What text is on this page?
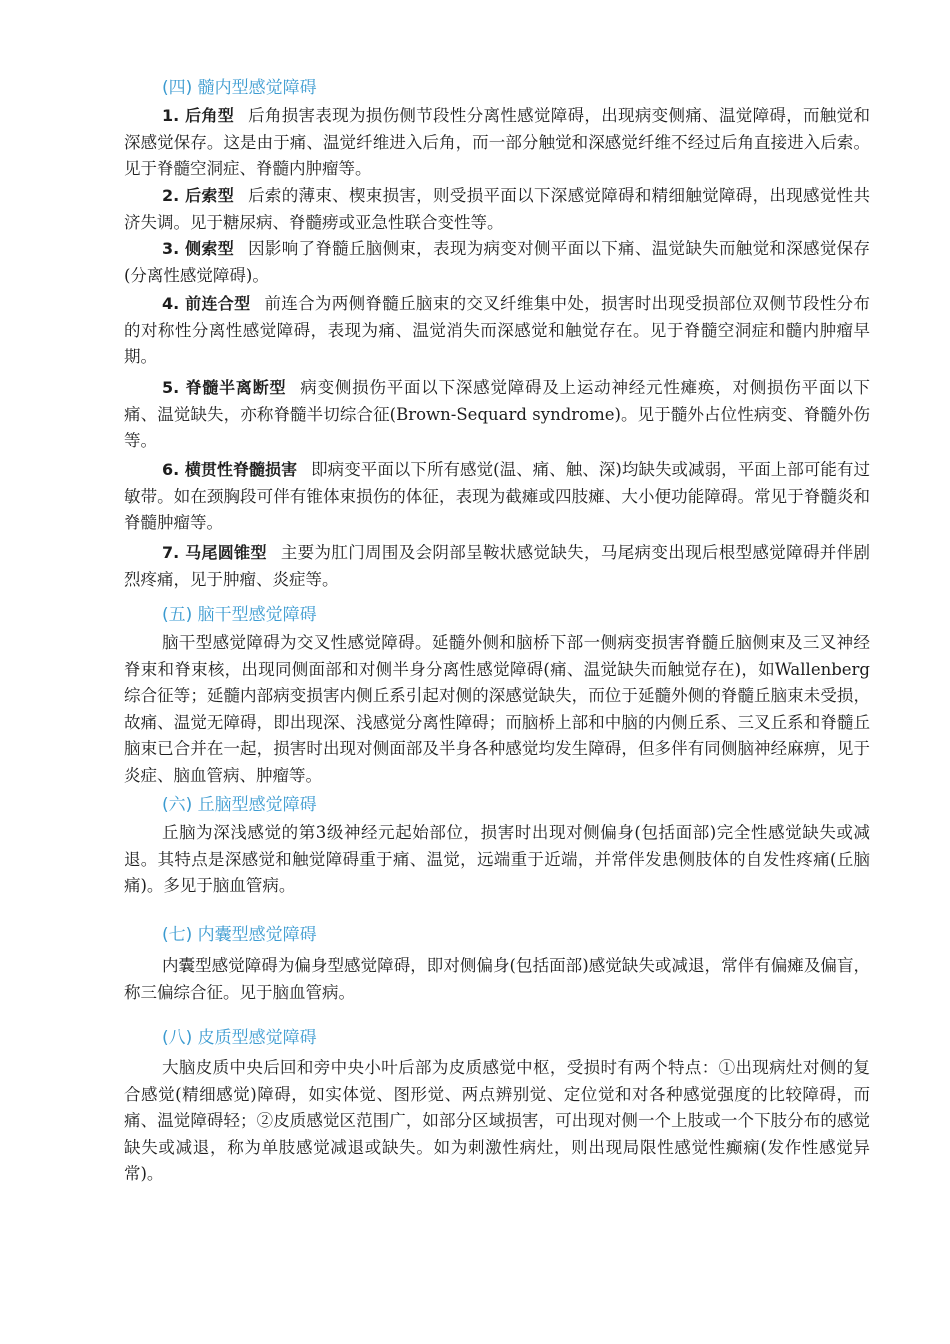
(四) 髓内型感觉障碍
1. 后角型 后角损害表现为损伤侧节段性分离性感觉障碍，出现病变侧痛、温觉障碍，而触觉和深感觉保存。这是由于痛、温觉纤维进入后角，而一部分触觉和深感觉纤维不经过后角直接进入后索。见于脊髓空洞症、脊髓内肿瘤等。
2. 后索型 后索的薄束、楔束损害，则受损平面以下深感觉障碍和精细触觉障碍，出现感觉性共济失调。见于糖尿病、脊髓痨或亚急性联合变性等。
3. 侧索型 因影响了脊髓丘脑侧束，表现为病变对侧平面以下痛、温觉缺失而触觉和深感觉保存(分离性感觉障碍)。
4. 前连合型 前连合为两侧脊髓丘脑束的交叉纤维集中处，损害时出现受损部位双侧节段性分布的对称性分离性感觉障碍，表现为痛、温觉消失而深感觉和触觉存在。见于脊髓空洞症和髓内肿瘤早期。
5. 脊髓半离断型 病变侧损伤平面以下深感觉障碍及上运动神经元性瘫痪，对侧损伤平面以下痛、温觉缺失，亦称脊髓半切综合征(Brown-Sequard syndrome)。见于髓外占位性病变、脊髓外伤等。
6. 横贯性脊髓损害 即病变平面以下所有感觉(温、痛、触、深)均缺失或减弱，平面上部可能有过敏带。如在颈胸段可伴有锥体束损伤的体征，表现为截瘫或四肢瘫、大小便功能障碍。常见于脊髓炎和脊髓肿瘤等。
7. 马尾圆锥型 主要为肛门周围及会阴部呈鞍状感觉缺失，马尾病变出现后根型感觉障碍并伴剧烈疼痛，见于肿瘤、炎症等。
(五) 脑干型感觉障碍
脑干型感觉障碍为交叉性感觉障碍。延髓外侧和脑桥下部一侧病变损害脊髓丘脑侧束及三叉神经脊束和脊束核，出现同侧面部和对侧半身分离性感觉障碍(痛、温觉缺失而触觉存在)，如Wallenberg综合征等；延髓内部病变损害内侧丘系引起对侧的深感觉缺失，而位于延髓外侧的脊髓丘脑束未受损，故痛、温觉无障碍，即出现深、浅感觉分离性障碍；而脑桥上部和中脑的内侧丘系、三叉丘系和脊髓丘脑束已合并在一起，损害时出现对侧面部及半身各种感觉均发生障碍，但多伴有同侧脑神经麻痹，见于炎症、脑血管病、肿瘤等。
(六) 丘脑型感觉障碍
丘脑为深浅感觉的第3级神经元起始部位，损害时出现对侧偏身(包括面部)完全性感觉缺失或减退。其特点是深感觉和触觉障碍重于痛、温觉，远端重于近端，并常伴发患侧肢体的自发性疼痛(丘脑痛)。多见于脑血管病。
(七) 内囊型感觉障碍
内囊型感觉障碍为偏身型感觉障碍，即对侧偏身(包括面部)感觉缺失或减退，常伴有偏瘫及偏盲，称三偏综合征。见于脑血管病。
(八) 皮质型感觉障碍
大脑皮质中央后回和旁中央小叶后部为皮质感觉中枢，受损时有两个特点：①出现病灶对侧的复合感觉(精细感觉)障碍，如实体觉、图形觉、两点辨别觉、定位觉和对各种感觉强度的比较障碍，而痛、温觉障碍轻；②皮质感觉区范围广，如部分区域损害，可出现对侧一个上肢或一个下肢分布的感觉缺失或减退，称为单肢感觉减退或缺失。如为刺激性病灶，则出现局限性感觉性癫痫(发作性感觉异常)。
